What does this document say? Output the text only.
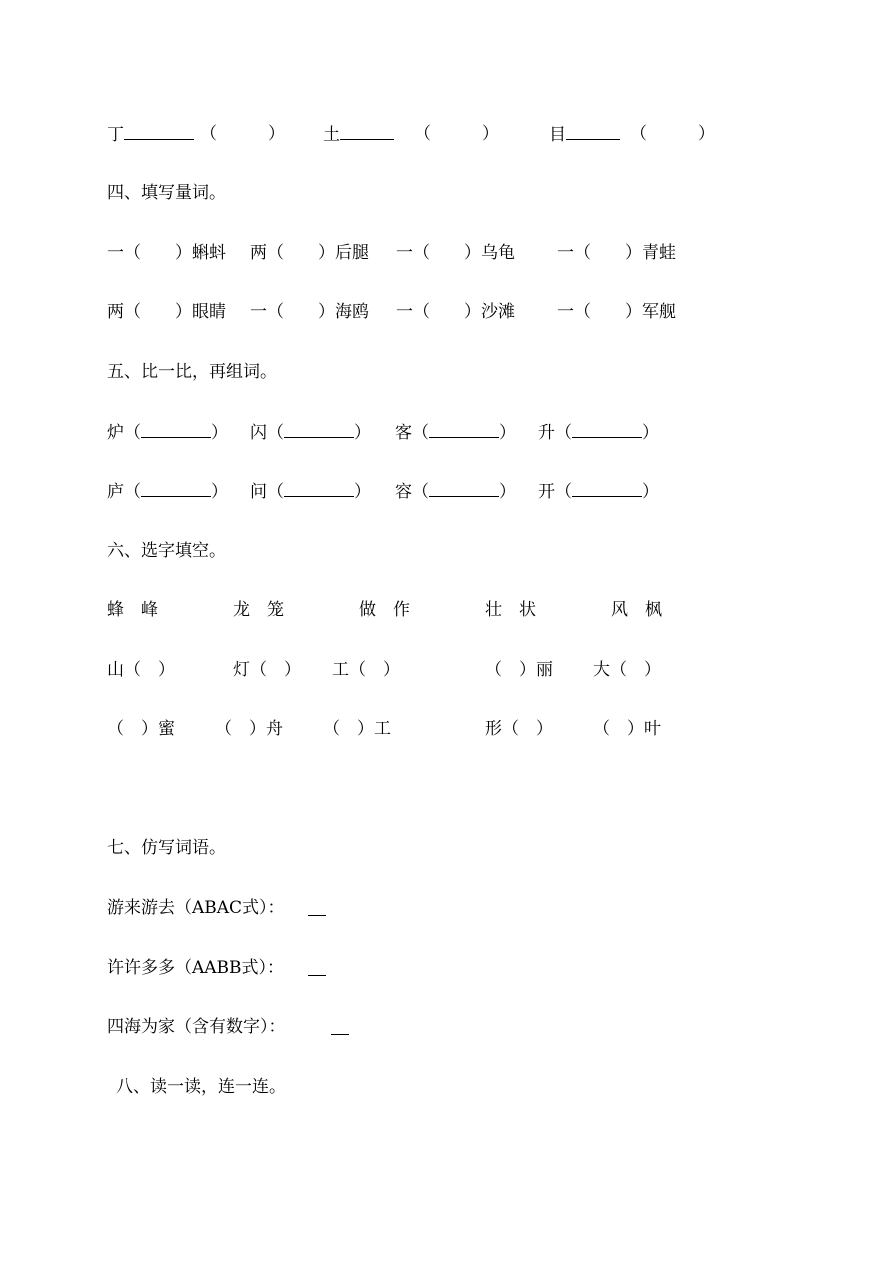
丁	（　　　） 土	（　　　）	目	（　　　）
四、填写量词。
一（　　）蝌蚪 两（　　）后腿 一（　　）乌龟 一（　　）青蛙
两（　　）眼睛 一（　　）海鸥 一（　　）沙滩 一（　　）军舰
五、比一比，再组词。
炉（	） 闪（	） 客（	） 升（	）
庐（	） 问（	） 容（	） 开（	）
六、选字填空。
蜂　峰	龙　笼	做　作	壮　状	风　枫
山（　）	灯（　） 工（　）	（　）丽 大（　）
（　）蜜 （　）舟 （　）工	形（　） （　）叶
七、仿写词语。
游来游去（ABAC式）：
许许多多（AABB式）：
四海为家（含有数字）：
八、读一读，连一连。
